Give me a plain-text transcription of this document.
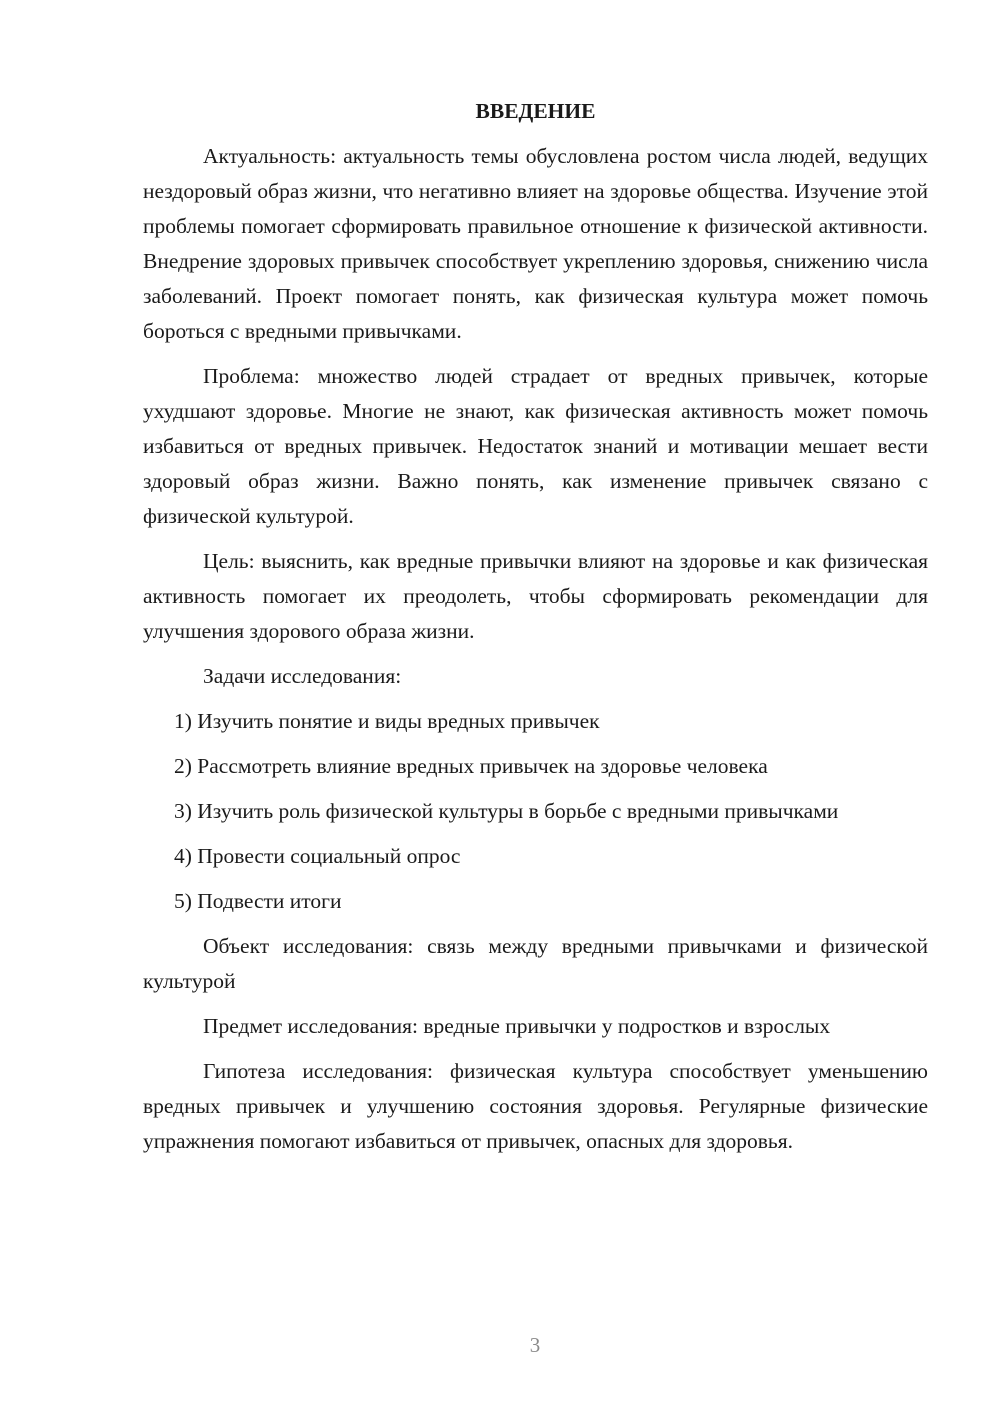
ВВЕДЕНИЕ

Актуальность: актуальность темы обусловлена ростом числа людей, ведущих нездоровый образ жизни, что негативно влияет на здоровье общества. Изучение этой проблемы помогает сформировать правильное отношение к физической активности. Внедрение здоровых привычек способствует укреплению здоровья, снижению числа заболеваний. Проект помогает понять, как физическая культура может помочь бороться с вредными привычками.

Проблема: множество людей страдает от вредных привычек, которые ухудшают здоровье. Многие не знают, как физическая активность может помочь избавиться от вредных привычек. Недостаток знаний и мотивации мешает вести здоровый образ жизни. Важно понять, как изменение привычек связано с физической культурой.

Цель: выяснить, как вредные привычки влияют на здоровье и как физическая активность помогает их преодолеть, чтобы сформировать рекомендации для улучшения здорового образа жизни.

Задачи исследования:

1) Изучить понятие и виды вредных привычек

2) Рассмотреть влияние вредных привычек на здоровье человека

3) Изучить роль физической культуры в борьбе с вредными привычками

4) Провести социальный опрос

5) Подвести итоги

Объект исследования: связь между вредными привычками и физической культурой

Предмет исследования: вредные привычки у подростков и взрослых

Гипотеза исследования: физическая культура способствует уменьшению вредных привычек и улучшению состояния здоровья. Регулярные физические упражнения помогают избавиться от привычек, опасных для здоровья.

3
